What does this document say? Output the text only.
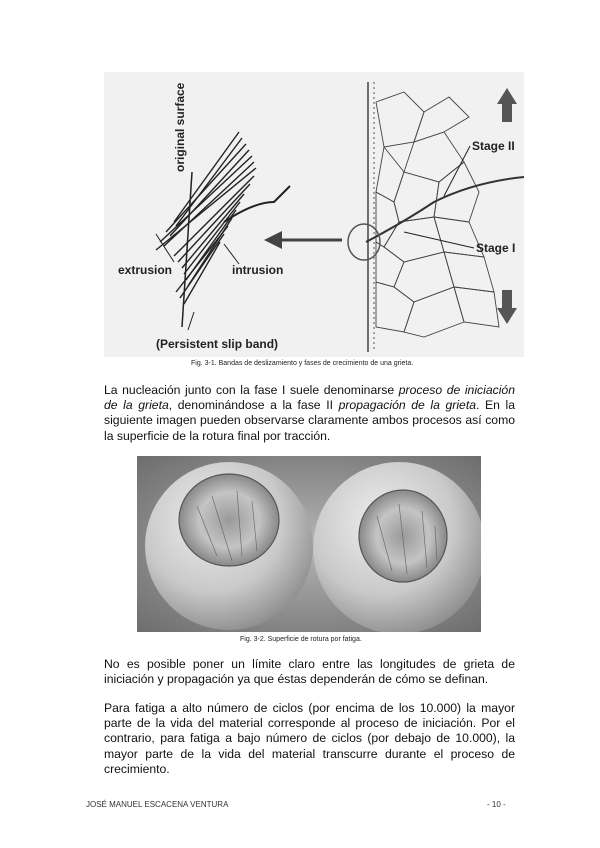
original surface
extrusion	intrusion
(Persistent slip band)
Stage II
Stage I
Fig. 3-1. Bandas de deslizamiento y fases de crecimiento de una grieta.

La nucleación junto con la fase I suele denominarse proceso de iniciación de la grieta, denominándose a la fase II propagación de la grieta. En la siguiente imagen pueden observarse claramente ambos procesos así como la superficie de la rotura final por tracción.

Fig. 3-2. Superficie de rotura por fatiga.

No es posible poner un límite claro entre las longitudes de grieta de iniciación y propagación ya que éstas dependerán de cómo se definan.

Para fatiga a alto número de ciclos (por encima de los 10.000) la mayor parte de la vida del material corresponde al proceso de iniciación. Por el contrario, para fatiga a bajo número de ciclos (por debajo de 10.000), la mayor parte de la vida del material transcurre durante el proceso de crecimiento.

JOSÉ MANUEL ESCACENA VENTURA	- 10 -
